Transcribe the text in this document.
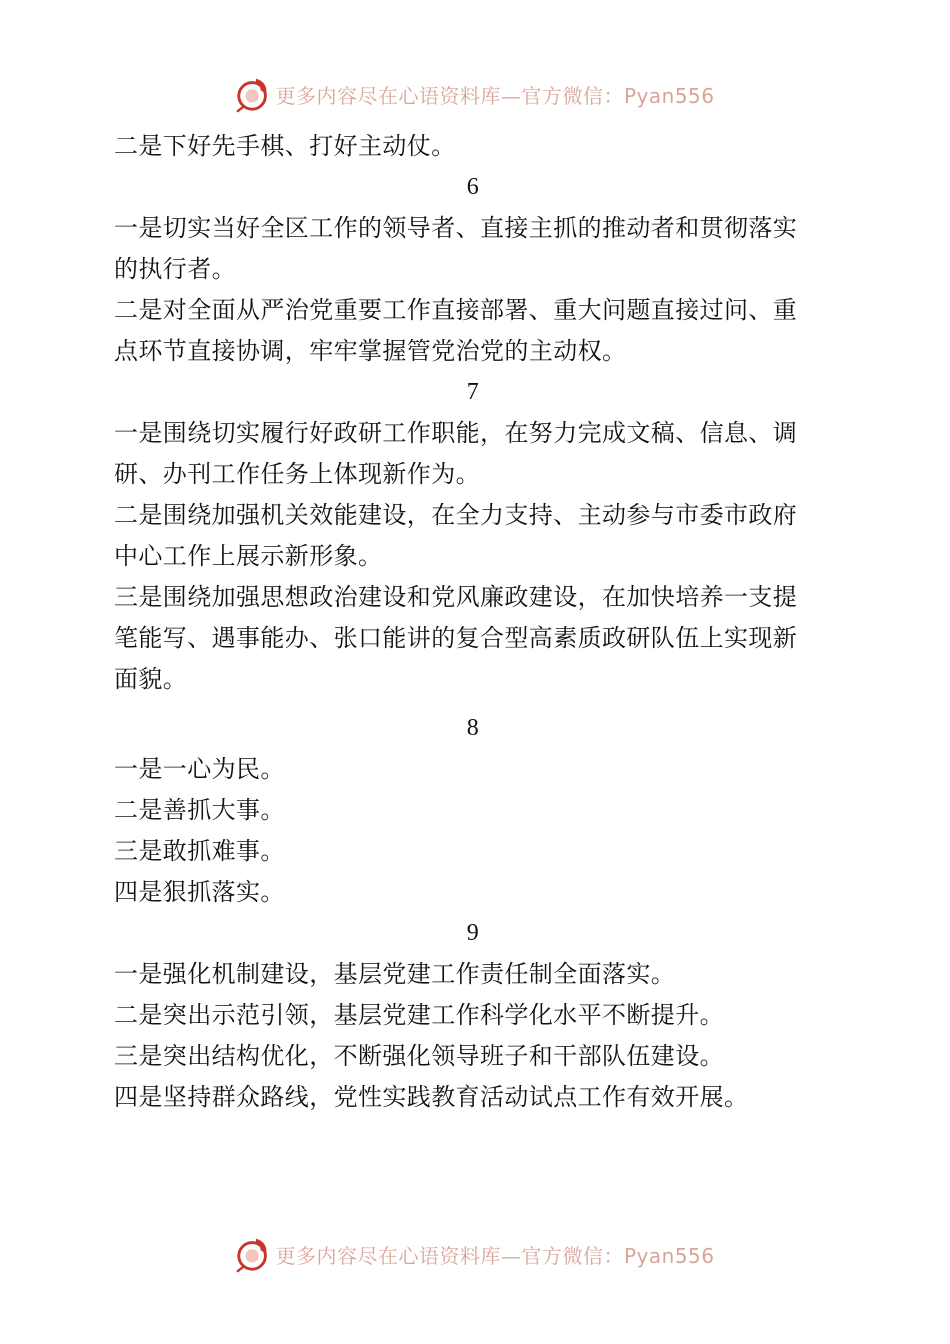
更多内容尽在心语资料库—官方微信：Pyan556
二是下好先手棋、打好主动仗。
6
一是切实当好全区工作的领导者、直接主抓的推动者和贯彻落实
的执行者。
二是对全面从严治党重要工作直接部署、重大问题直接过问、重
点环节直接协调，牢牢掌握管党治党的主动权。
7
一是围绕切实履行好政研工作职能，在努力完成文稿、信息、调
研、办刊工作任务上体现新作为。
二是围绕加强机关效能建设，在全力支持、主动参与市委市政府
中心工作上展示新形象。
三是围绕加强思想政治建设和党风廉政建设，在加快培养一支提
笔能写、遇事能办、张口能讲的复合型高素质政研队伍上实现新
面貌。
8
一是一心为民。
二是善抓大事。
三是敢抓难事。
四是狠抓落实。
9
一是强化机制建设，基层党建工作责任制全面落实。
二是突出示范引领，基层党建工作科学化水平不断提升。
三是突出结构优化，不断强化领导班子和干部队伍建设。
四是坚持群众路线，党性实践教育活动试点工作有效开展。
更多内容尽在心语资料库—官方微信：Pyan556
